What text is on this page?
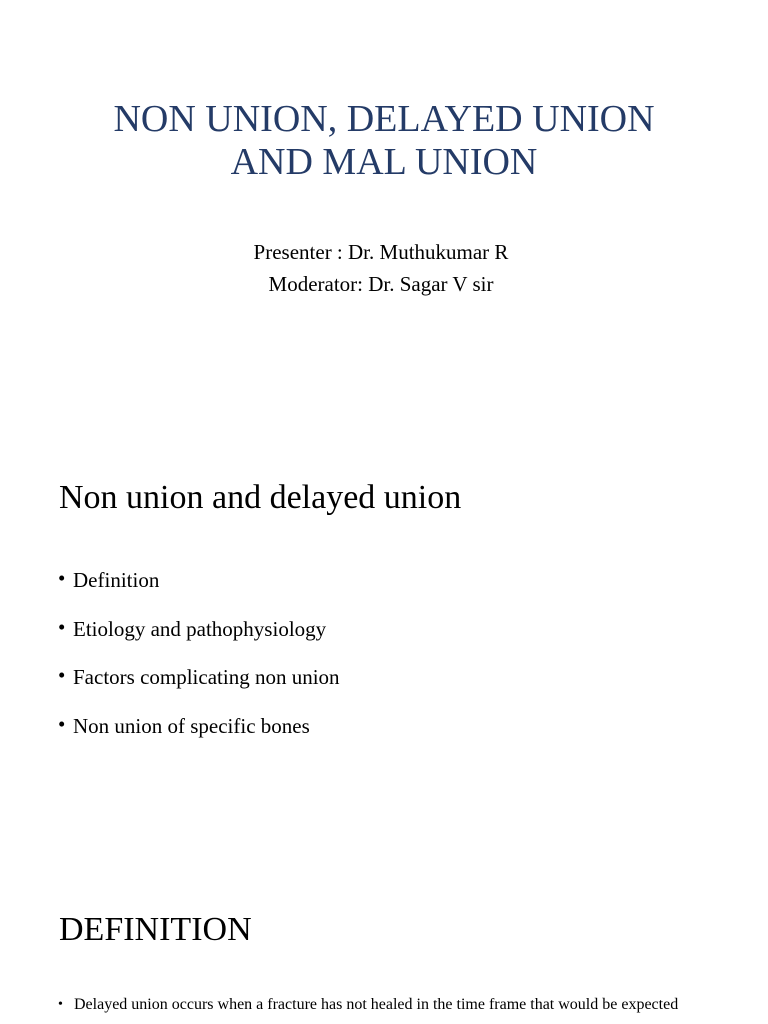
NON UNION, DELAYED UNION
AND MAL UNION

Presenter : Dr. Muthukumar R
Moderator: Dr. Sagar V sir

Non union and delayed union
• Definition
• Etiology and pathophysiology
• Factors complicating non union
• Non union of specific bones
DEFINITION
• Delayed union occurs when a fracture has not healed in the time frame that would be expected
